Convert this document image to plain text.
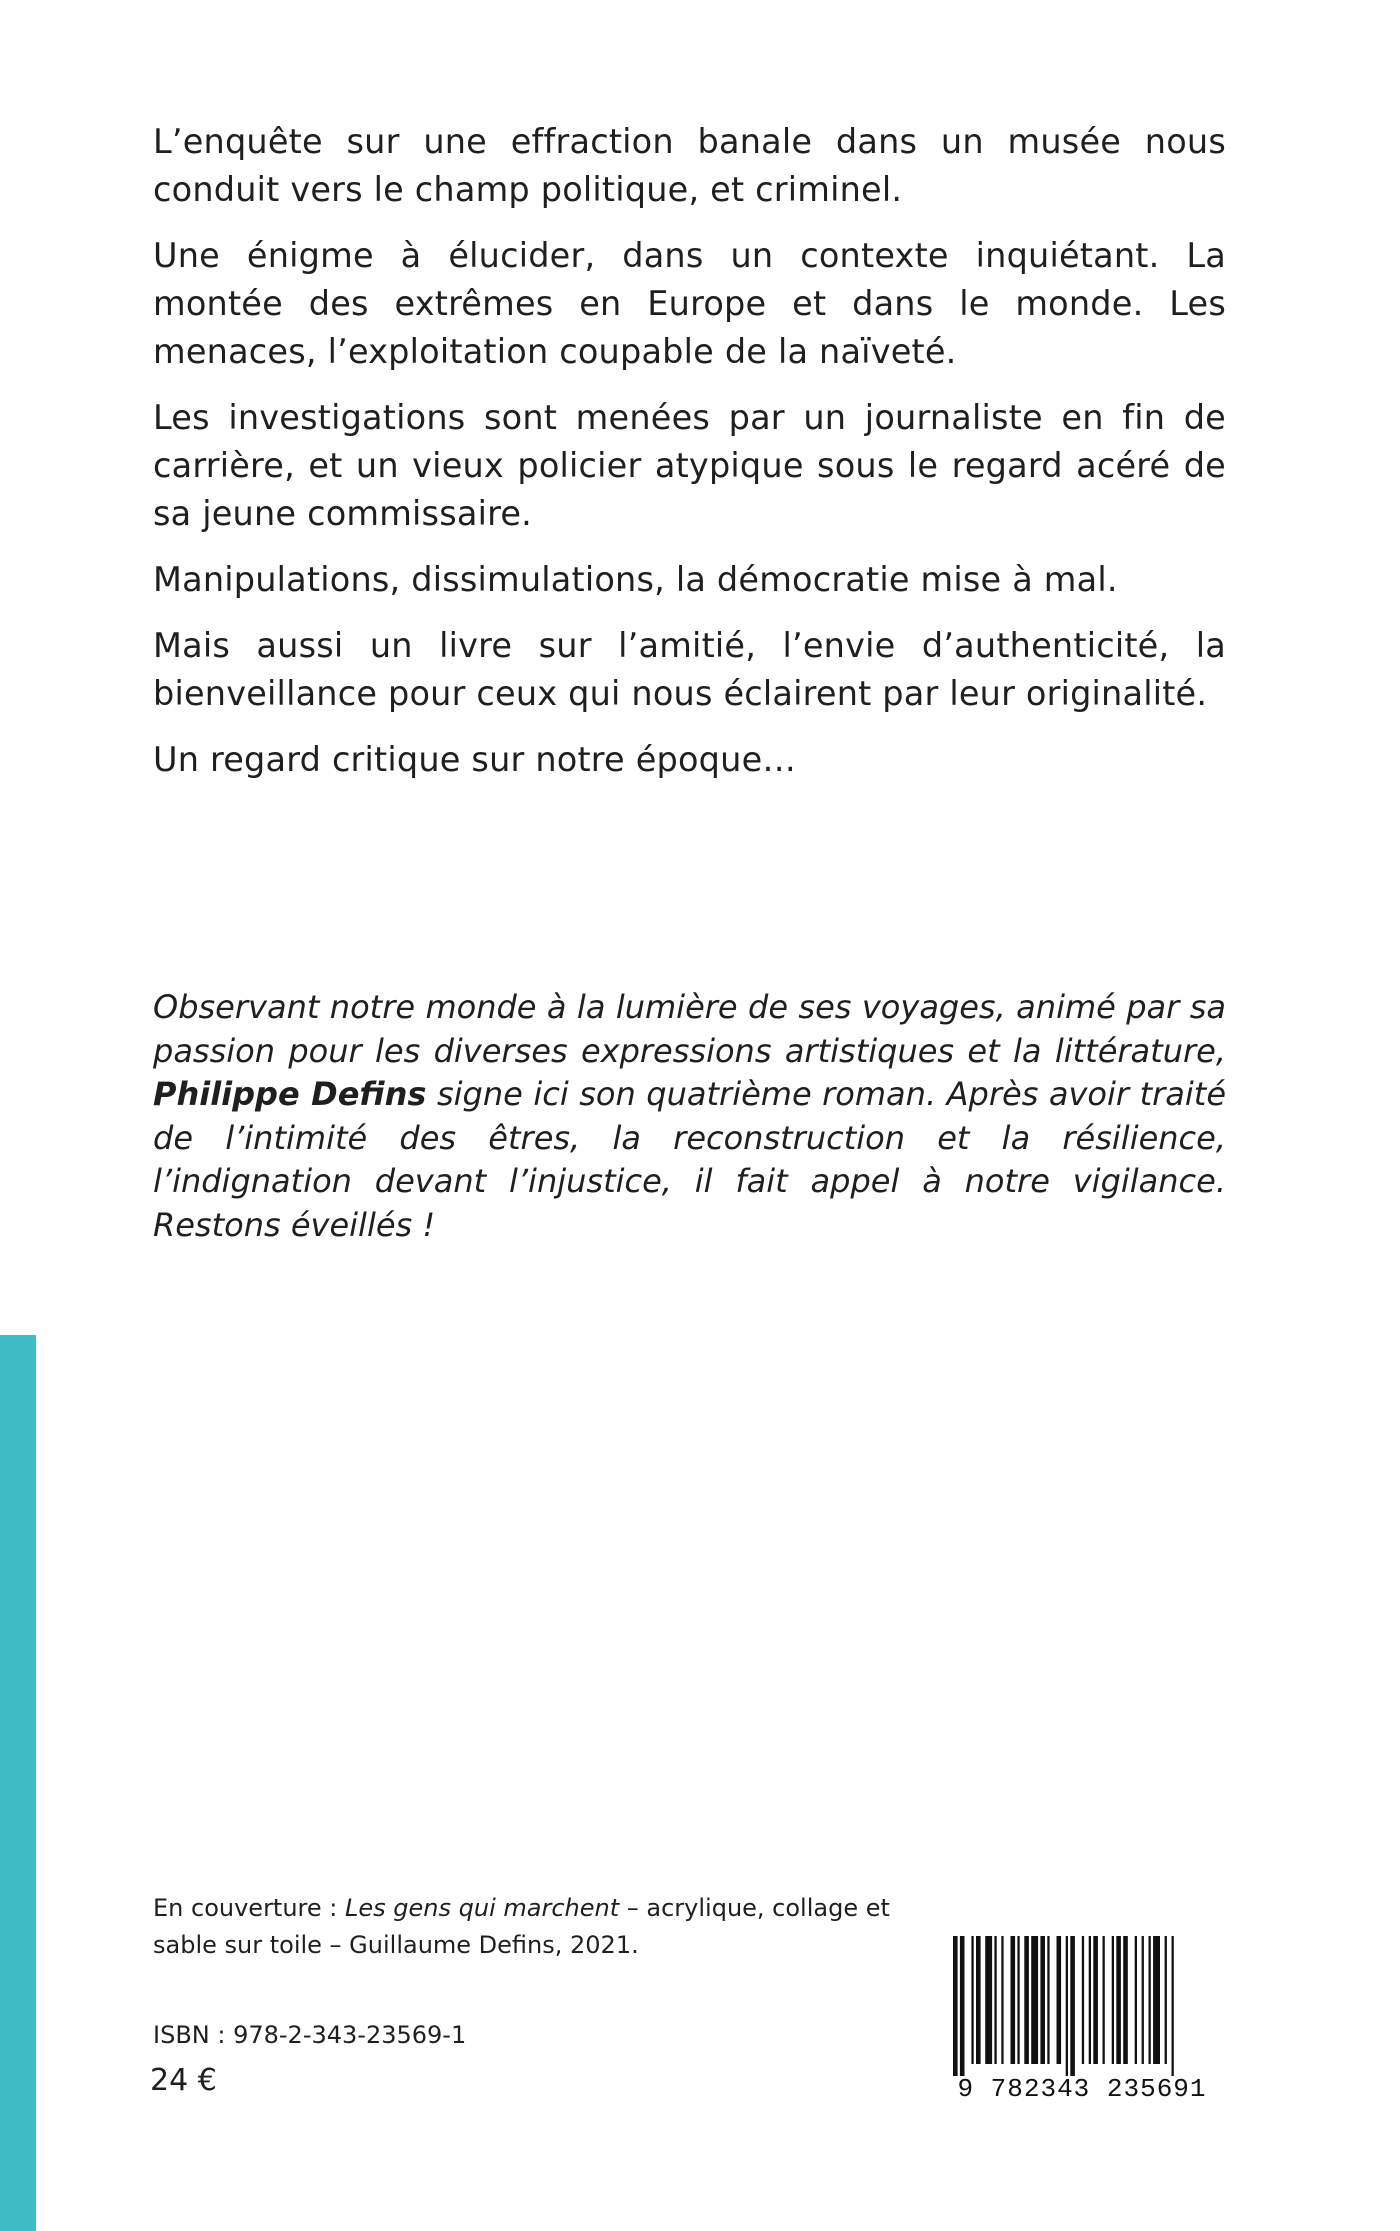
L’enquête sur une effraction banale dans un musée nous conduit vers le champ politique, et criminel.

Une énigme à élucider, dans un contexte inquiétant. La montée des extrêmes en Europe et dans le monde. Les menaces, l’exploitation coupable de la naïveté.

Les investigations sont menées par un journaliste en fin de carrière, et un vieux policier atypique sous le regard acéré de sa jeune commissaire.

Manipulations, dissimulations, la démocratie mise à mal.

Mais aussi un livre sur l’amitié, l’envie d’authenticité, la bienveillance pour ceux qui nous éclairent par leur originalité.

Un regard critique sur notre époque…

Observant notre monde à la lumière de ses voyages, animé par sa passion pour les diverses expressions artistiques et la littérature, Philippe Defins signe ici son quatrième roman. Après avoir traité de l’intimité des êtres, la reconstruction et la résilience, l’indignation devant l’injustice, il fait appel à notre vigilance. Restons éveillés !

En couverture : Les gens qui marchent – acrylique, collage et sable sur toile – Guillaume Defins, 2021.

ISBN : 978-2-343-23569-1

24 €	9 782343 235691
